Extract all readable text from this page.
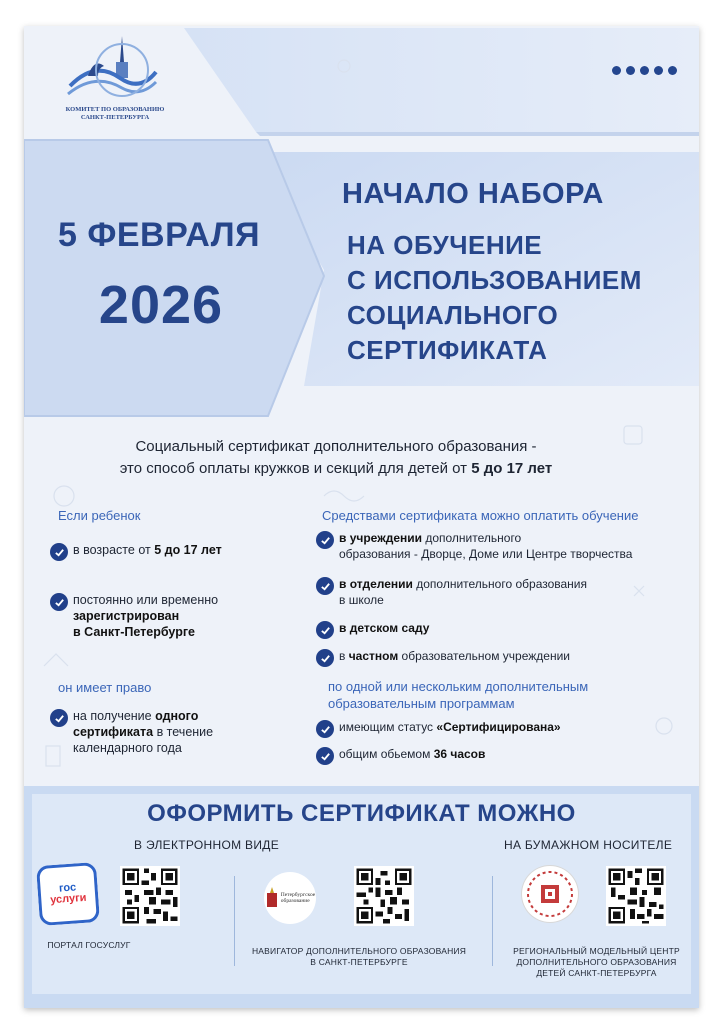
КОМИТЕТ ПО ОБРАЗОВАНИЮ
САНКТ-ПЕТЕРБУРГА
5 ФЕВРАЛЯ
2026
НАЧАЛО НАБОРА
НА ОБУЧЕНИЕ
С ИСПОЛЬЗОВАНИЕМ
СОЦИАЛЬНОГО
СЕРТИФИКАТА
Социальный сертификат дополнительного образования -
это способ оплаты кружков и секций для детей от 5 до 17 лет
Если ребенок
в возрасте от 5 до 17 лет
постоянно или временно
зарегистрирован
в Санкт-Петербурге
он имеет право
на получение одного
сертификата в течение
календарного года
Средствами сертификата можно оплатить обучение
в учреждении дополнительного
образования - Дворце, Доме или Центре творчества
в отделении дополнительного образования
в школе
в детском саду
в частном образовательном учреждении
по одной или нескольким дополнительным
образовательным программам
имеющим статус «Сертифицирована»
общим обьемом 36 часов
ОФОРМИТЬ СЕРТИФИКАТ МОЖНО
В ЭЛЕКТРОННОМ ВИДЕ	НА БУМАЖНОМ НОСИТЕЛЕ
гос
услуги
ПОРТАЛ ГОСУСЛУГ
Петербургское
образование
НАВИГАТОР ДОПОЛНИТЕЛЬНОГО ОБРАЗОВАНИЯ
В САНКТ-ПЕТЕРБУРГЕ
РЕГИОНАЛЬНЫЙ МОДЕЛЬНЫЙ ЦЕНТР
ДОПОЛНИТЕЛЬНОГО ОБРАЗОВАНИЯ
ДЕТЕЙ САНКТ-ПЕТЕРБУРГА
